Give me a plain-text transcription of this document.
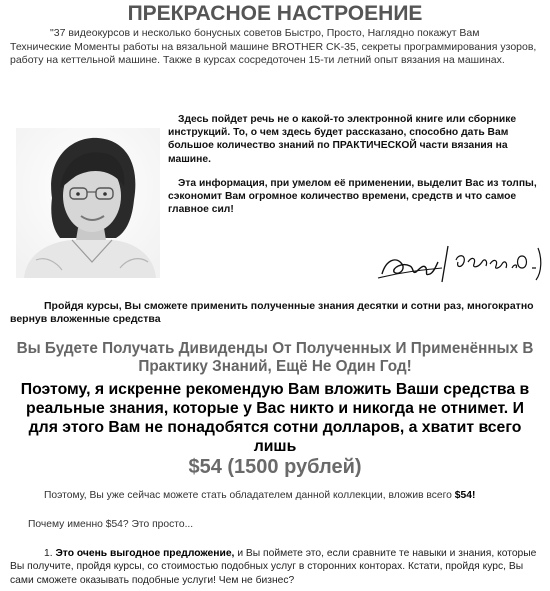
ПРЕКРАСНОЕ НАСТРОЕНИЕ
"37 видеокурсов и несколько бонусных советов Быстро, Просто, Наглядно покажут Вам Технические Моменты работы на вязальной машине BROTHER CK-35, секреты программирования узоров, работу на кеттельной машине. Также в курсах сосредоточен 15-ти летний опыт вязания на машинах.
Здесь пойдет речь не о какой-то электронной книге или сборнике инструкций. То, о чем здесь будет рассказано, способно дать Вам большое количество знаний по ПРАКТИЧЕСКОЙ части вязания на машине.
Эта информация, при умелом её применении, выделит Вас из толпы, сэкономит Вам огромное количество времени, средств и что самое главное сил!
Пройдя курсы, Вы сможете применить полученные знания десятки и сотни раз, многократно вернув вложенные средства
Вы Будете Получать Дивиденды От Полученных И Применённых В Практику Знаний, Ещё Не Один Год!
Поэтому, я искренне рекомендую Вам вложить Ваши средства в реальные знания, которые у Вас никто и никогда не отнимет. И для этого Вам не понадобятся сотни долларов, а хватит всего лишь
$54 (1500 рублей)
Поэтому, Вы уже сейчас можете стать обладателем данной коллекции, вложив всего $54!
Почему именно $54? Это просто...
1. Это очень выгодное предложение, и Вы поймете это, если сравните те навыки и знания, которые Вы получите, пройдя курсы, со стоимостью подобных услуг в сторонних конторах. Кстати, пройдя курс, Вы сами сможете оказывать подобные услуги! Чем не бизнес?
